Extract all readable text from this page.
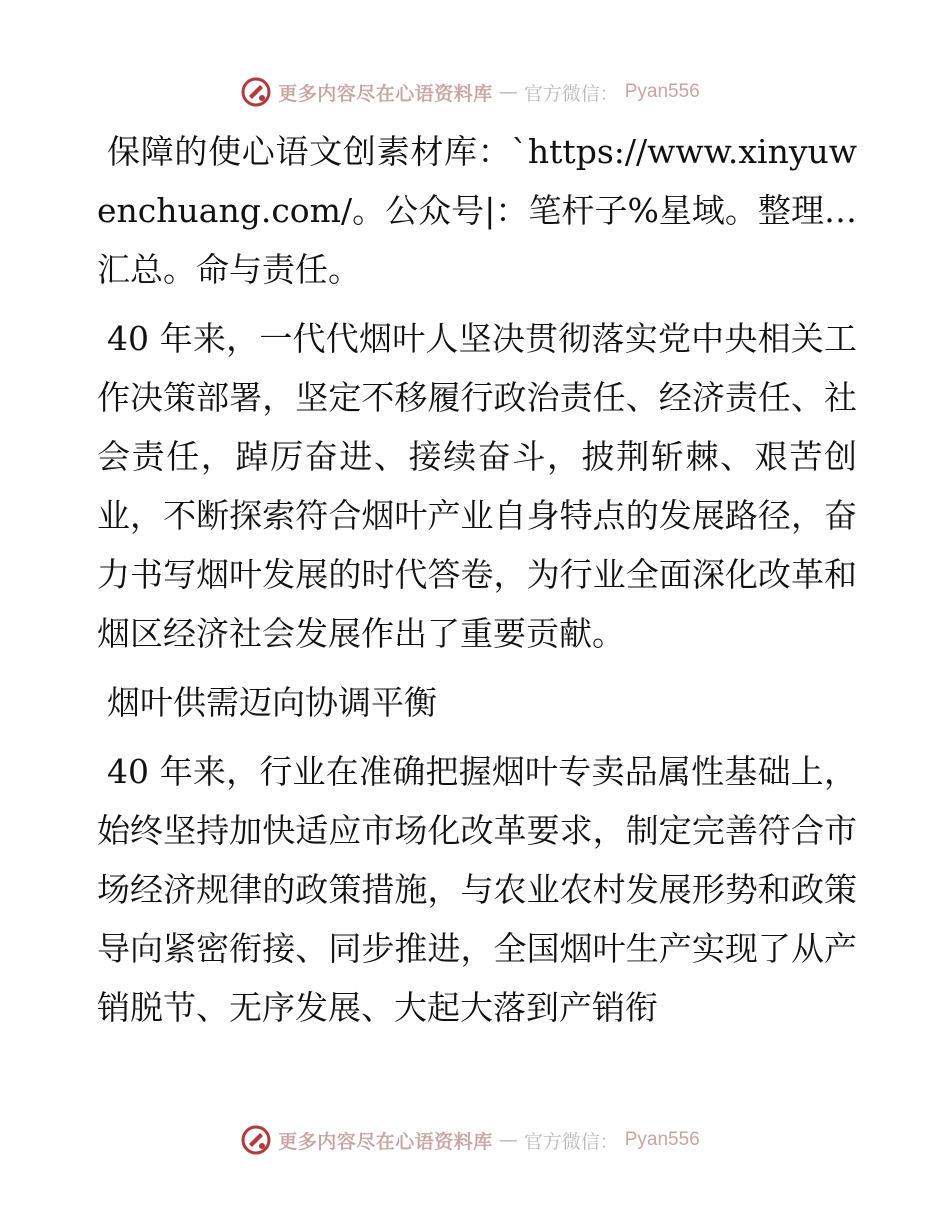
更多内容尽在心语资料库 — 官方微信： Pyan556

保障的使心语文创素材库：`https://www.xinyuwenchuang.com/。公众号|：笔杆子%星域。整理…汇总。命与责任。

40 年来，一代代烟叶人坚决贯彻落实党中央相关工作决策部署，坚定不移履行政治责任、经济责任、社会责任，踔厉奋进、接续奋斗，披荆斩棘、艰苦创业，不断探索符合烟叶产业自身特点的发展路径，奋力书写烟叶发展的时代答卷，为行业全面深化改革和烟区经济社会发展作出了重要贡献。

烟叶供需迈向协调平衡

40 年来，行业在准确把握烟叶专卖品属性基础上，始终坚持加快适应市场化改革要求，制定完善符合市场经济规律的政策措施，与农业农村发展形势和政策导向紧密衔接、同步推进，全国烟叶生产实现了从产销脱节、无序发展、大起大落到产销衔

更多内容尽在心语资料库 — 官方微信： Pyan556
